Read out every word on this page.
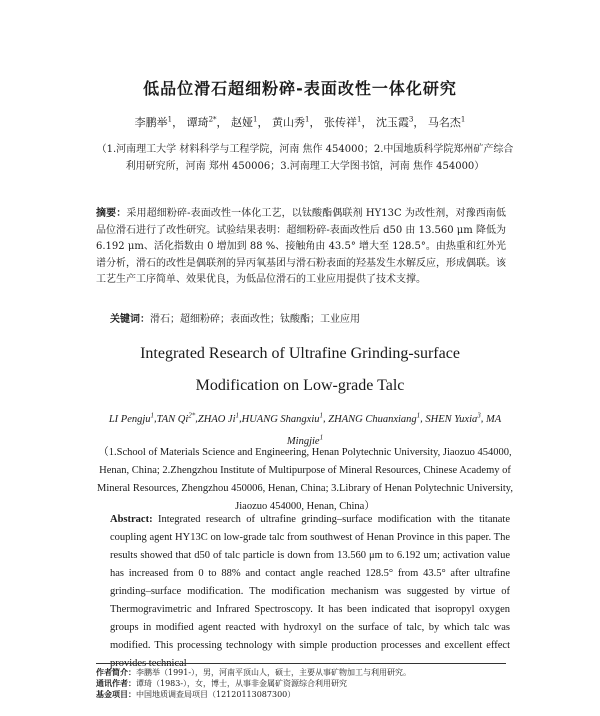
低品位滑石超细粉碎-表面改性一体化研究
李鹏举$^1$， 谭琦$^{2*}$， 赵娅$^1$， 黄山秀$^1$， 张传祥$^1$， 沈玉霞$^3$， 马名杰$^1$
（1.河南理工大学 材料科学与工程学院，河南 焦作 454000；2.中国地质科学院郑州矿产综合利用研究所，河南 郑州 450006；3.河南理工大学图书馆，河南 焦作 454000）
摘要：采用超细粉碎-表面改性一体化工艺，以钛酸酯偶联剂 HY13C 为改性剂，对豫西南低品位滑石进行了改性研究。试验结果表明：超细粉碎-表面改性后 d50 由 13.560 μm 降低为 6.192 μm、活化指数由 0 增加到 88 %、接触角由 43.5° 增大至 128.5°。由热重和红外光谱分析，滑石的改性是偶联剂的异丙氧基团与滑石粉表面的羟基发生水解反应，形成偶联。该工艺生产工序简单、效果优良，为低品位滑石的工业应用提供了技术支撑。
关键词：滑石；超细粉碎；表面改性；钛酸酯；工业应用
Integrated Research of Ultrafine Grinding-surface
Modification on Low-grade Talc
LI Pengju$^1$,TAN $Qi^{2*},ZHAO$ Ji$^1$,HUANG Shangxiu$^1$, ZHANG Chuanxiang$^1$, SHEN Yuxia$^3$, MA Mingjie$^1$
（1.School of Materials Science and Engineering, Henan Polytechnic University, Jiaozuo 454000, Henan, China; 2.Zhengzhou Institute of Multipurpose of Mineral Resources, Chinese Academy of Mineral Resources, Zhengzhou 450006, Henan, China; 3.Library of Henan Polytechnic University, Jiaozuo 454000, Henan, China）
Abstract: Integrated research of ultrafine grinding–surface modification with the titanate coupling agent HY13C on low-grade talc from southwest of Henan Province in this paper. The results showed that d50 of talc particle is down from 13.560 μm to 6.192 um; activation value has increased from 0 to 88% and contact angle reached 128.5° from 43.5° after ultrafine grinding–surface modification. The modification mechanism was suggested by virtue of Thermogravimetric and Infrared Spectroscopy. It has been indicated that isopropyl oxygen groups in modified agent reacted with hydroxyl on the surface of talc, by which talc was modified. This processing technology with simple production processes and excellent effect provides technical
作者简介：李鹏举（1991-），男，河南平顶山人，硕士，主要从事矿物加工与利用研究。
通讯作者：谭琦（1983-），女，博士，从事非金属矿资源综合利用研究
基金项目：中国地质调查局项目（12120113087300）
